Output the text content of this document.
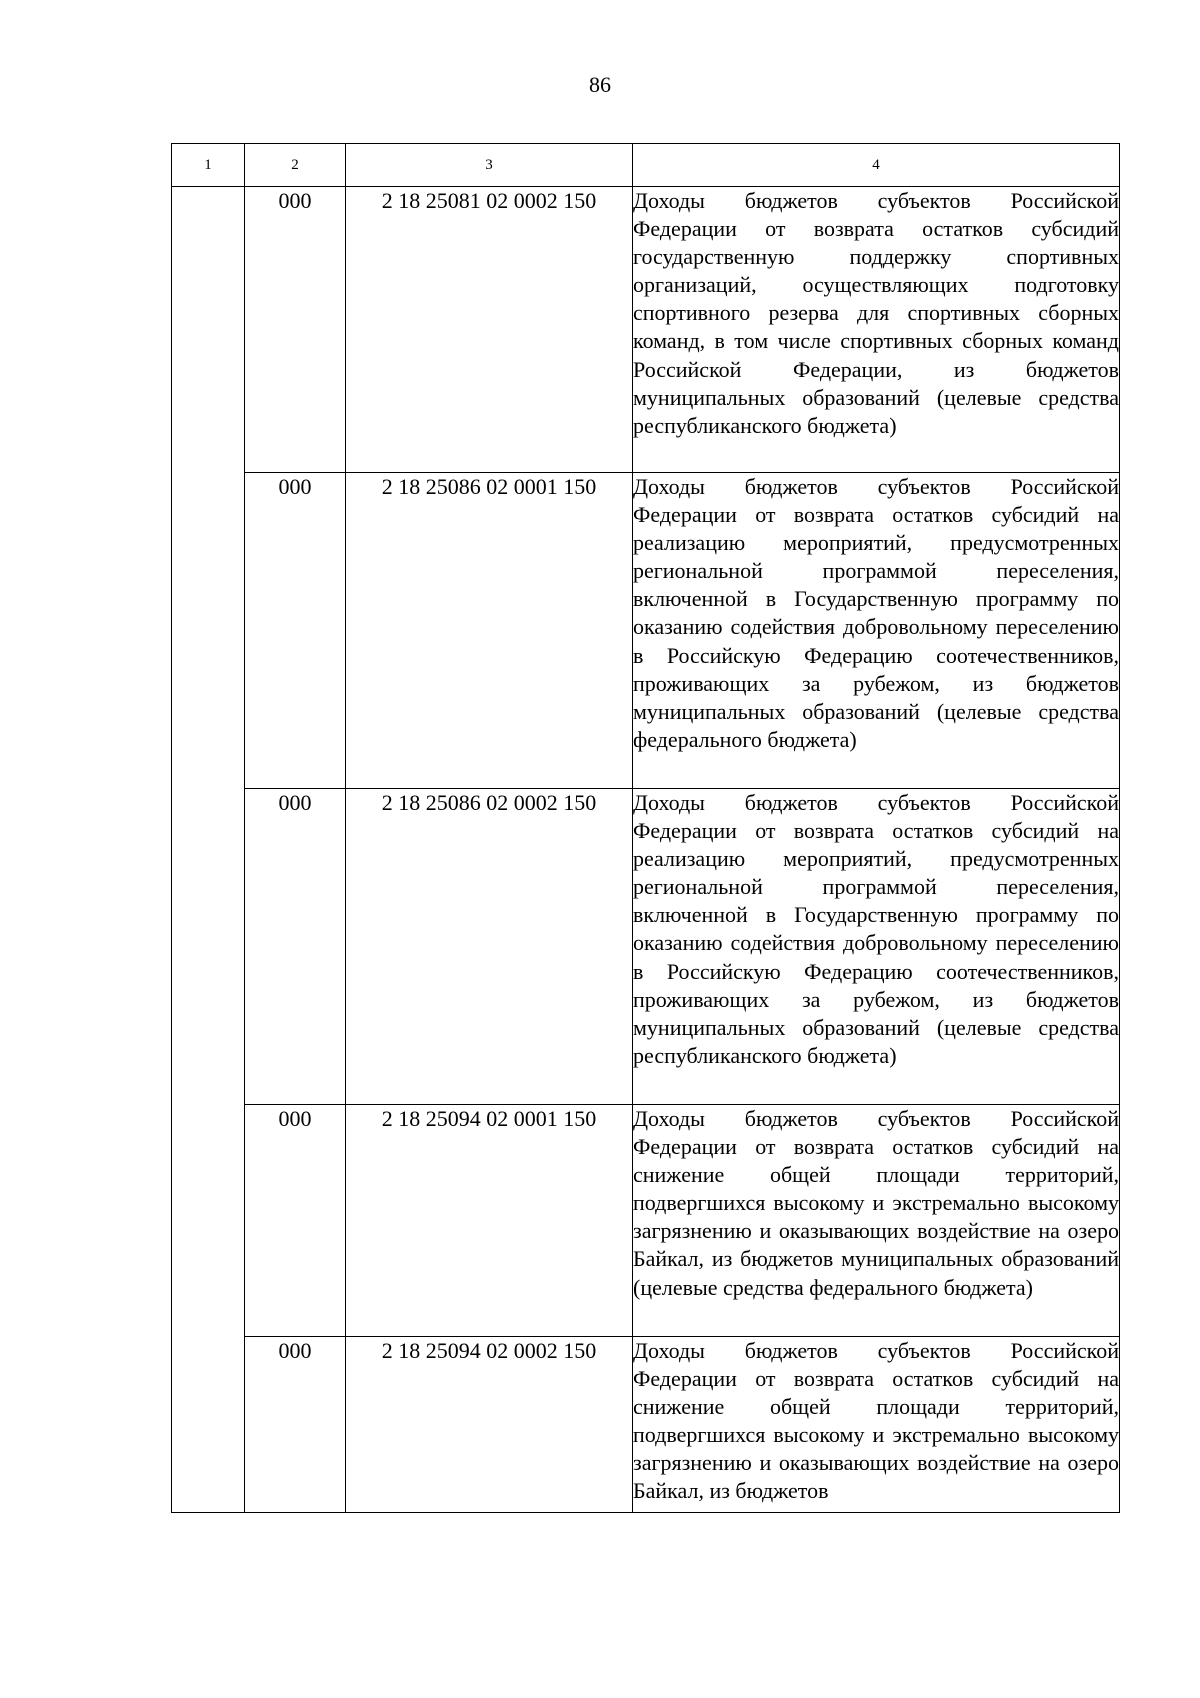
86
1	2	3	4
	000	2 18 25081 02 0002 150	Доходы бюджетов субъектов Российской Федерации от возврата остатков субсидий государственную поддержку спортивных организаций, осуществляющих подготовку спортивного резерва для спортивных сборных команд, в том числе спортивных сборных команд Российской Федерации, из бюджетов муниципальных образований (целевые средства республиканского бюджета)

	000	2 18 25086 02 0001 150	Доходы бюджетов субъектов Российской Федерации от возврата остатков субсидий на реализацию мероприятий, предусмотренных региональной программой переселения, включенной в Государственную программу по оказанию содействия добровольному переселению в Российскую Федерацию соотечественников, проживающих за рубежом, из бюджетов муниципальных образований (целевые средства федерального бюджета)

	000	2 18 25086 02 0002 150	Доходы бюджетов субъектов Российской Федерации от возврата остатков субсидий на реализацию мероприятий, предусмотренных региональной программой переселения, включенной в Государственную программу по оказанию содействия добровольному переселению в Российскую Федерацию соотечественников, проживающих за рубежом, из бюджетов муниципальных образований (целевые средства республиканского бюджета)

	000	2 18 25094 02 0001 150	Доходы бюджетов субъектов Российской Федерации от возврата остатков субсидий на снижение общей площади территорий, подвергшихся высокому и экстремально высокому загрязнению и оказывающих воздействие на озеро Байкал, из бюджетов муниципальных образований (целевые средства федерального бюджета)

	000	2 18 25094 02 0002 150	Доходы бюджетов субъектов Российской Федерации от возврата остатков субсидий на снижение общей площади территорий, подвергшихся высокому и экстремально высокому загрязнению и оказывающих воздействие на озеро Байкал, из бюджетов
